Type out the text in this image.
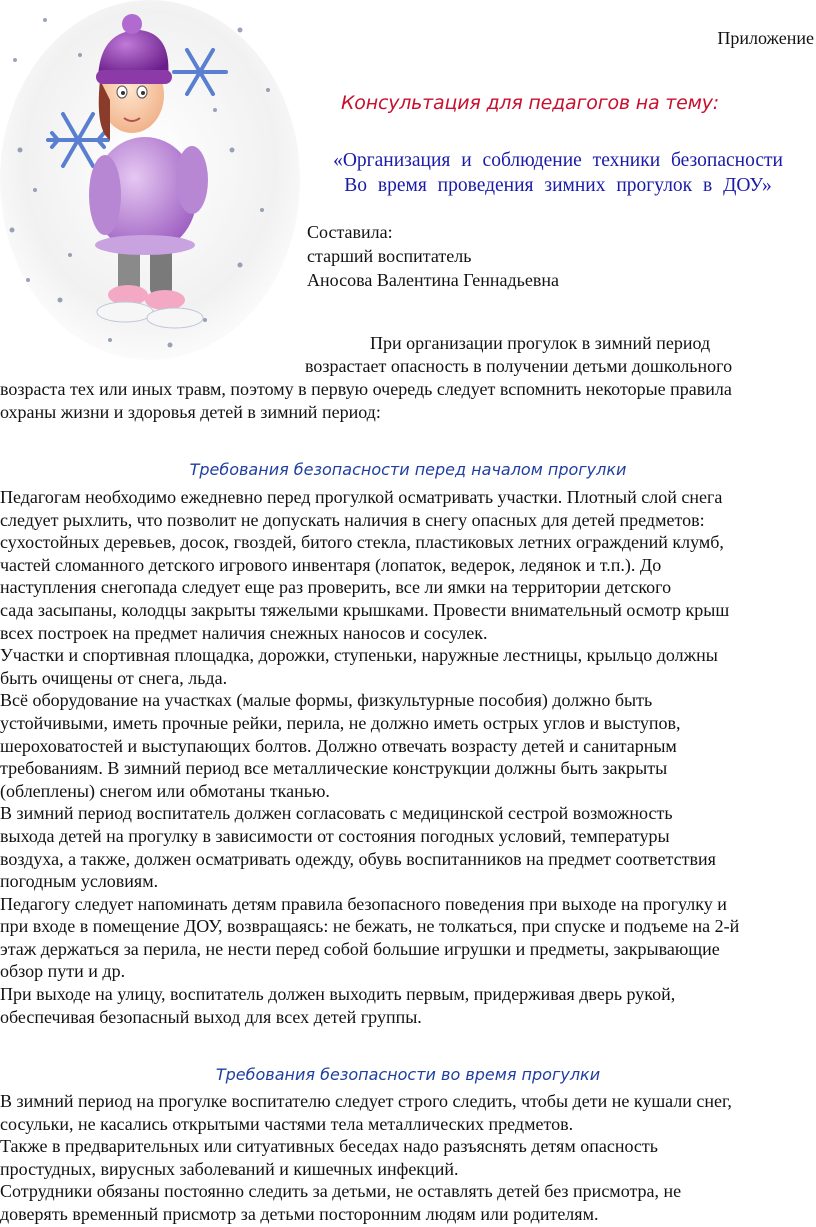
Приложение
Консультация для педагогов на тему:
«Организация и соблюдение техники безопасности
Во время проведения зимних прогулок в ДОУ»
Составила:
старший воспитатель
Аносова Валентина Геннадьевна

При организации прогулок в зимний период

возрастает опасность в получении детьми дошкольного

возраста тех или иных травм, поэтому в первую очередь следует вспомнить некоторые правила

охраны жизни и здоровья детей в зимний период:

Требования безопасности перед началом прогулки

Педагогам необходимо ежедневно перед прогулкой осматривать участки. Плотный слой снега

следует рыхлить, что позволит не допускать наличия в снегу опасных для детей предметов:

сухостойных деревьев, досок, гвоздей, битого стекла, пластиковых летних ограждений клумб,

частей сломанного детского игрового инвентаря (лопаток, ведерок, ледянок и т.п.). До

наступления снегопада следует еще раз проверить, все ли ямки на территории детского

сада засыпаны, колодцы закрыты тяжелыми крышками. Провести внимательный осмотр крыш

всех построек на предмет наличия снежных наносов и сосулек.

Участки и спортивная площадка, дорожки, ступеньки, наружные лестницы, крыльцо должны

быть очищены от снега, льда.

Всё оборудование на участках (малые формы, физкультурные пособия) должно быть

устойчивыми, иметь прочные рейки, перила, не должно иметь острых углов и выступов,

шероховатостей и выступающих болтов. Должно отвечать возрасту детей и санитарным

требованиям. В зимний период все металлические конструкции должны быть закрыты

(облеплены) снегом или обмотаны тканью.

В зимний период воспитатель должен согласовать с медицинской сестрой возможность

выхода детей на прогулку в зависимости от состояния погодных условий, температуры

воздуха, а также, должен осматривать одежду, обувь воспитанников на предмет соответствия

погодным условиям.

Педагогу следует напоминать детям правила безопасного поведения при выходе на прогулку и

при входе в помещение ДОУ, возвращаясь: не бежать, не толкаться, при спуске и подъеме на 2-й

этаж держаться за перила, не нести перед собой большие игрушки и предметы, закрывающие

обзор пути и др.

При выходе на улицу, воспитатель должен выходить первым, придерживая дверь рукой,

обеспечивая безопасный выход для всех детей группы.

Требования безопасности во время прогулки

В зимний период на прогулке воспитателю следует строго следить, чтобы дети не кушали снег,

сосульки, не касались открытыми частями тела металлических предметов.

Также в предварительных или ситуативных беседах надо разъяснять детям опасность

простудных, вирусных заболеваний и кишечных инфекций.

Сотрудники обязаны постоянно следить за детьми, не оставлять детей без присмотра, не

доверять временный присмотр за детьми посторонним людям или родителям.
